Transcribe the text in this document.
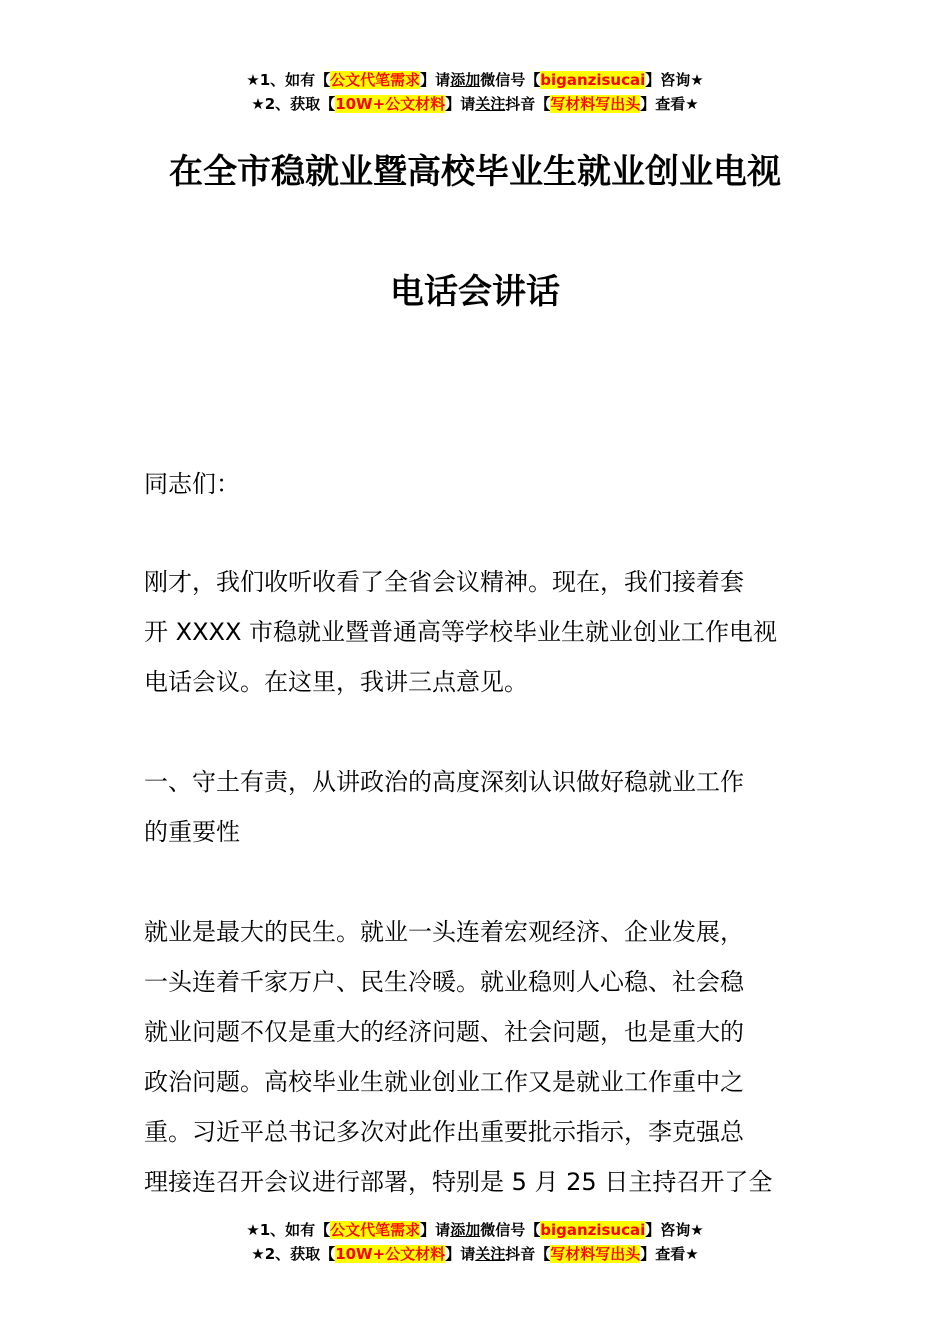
★1、如有【公文代笔需求】请添加微信号【biganzisucai】咨询★
★2、获取【10W+公文材料】请关注抖音【写材料写出头】查看★
在全市稳就业暨高校毕业生就业创业电视
电话会讲话

同志们：

刚才，我们收听收看了全省会议精神。现在，我们接着套
开 XXXX 市稳就业暨普通高等学校毕业生就业创业工作电视
电话会议。在这里，我讲三点意见。
一、守土有责，从讲政治的高度深刻认识做好稳就业工作
的重要性
就业是最大的民生。就业一头连着宏观经济、企业发展，
一头连着千家万户、民生冷暖。就业稳则人心稳、社会稳
就业问题不仅是重大的经济问题、社会问题，也是重大的
政治问题。高校毕业生就业创业工作又是就业工作重中之
重。习近平总书记多次对此作出重要批示指示，李克强总
理接连召开会议进行部署，特别是 5 月 25 日主持召开了全
★1、如有【公文代笔需求】请添加微信号【biganzisucai】咨询★
★2、获取【10W+公文材料】请关注抖音【写材料写出头】查看★
